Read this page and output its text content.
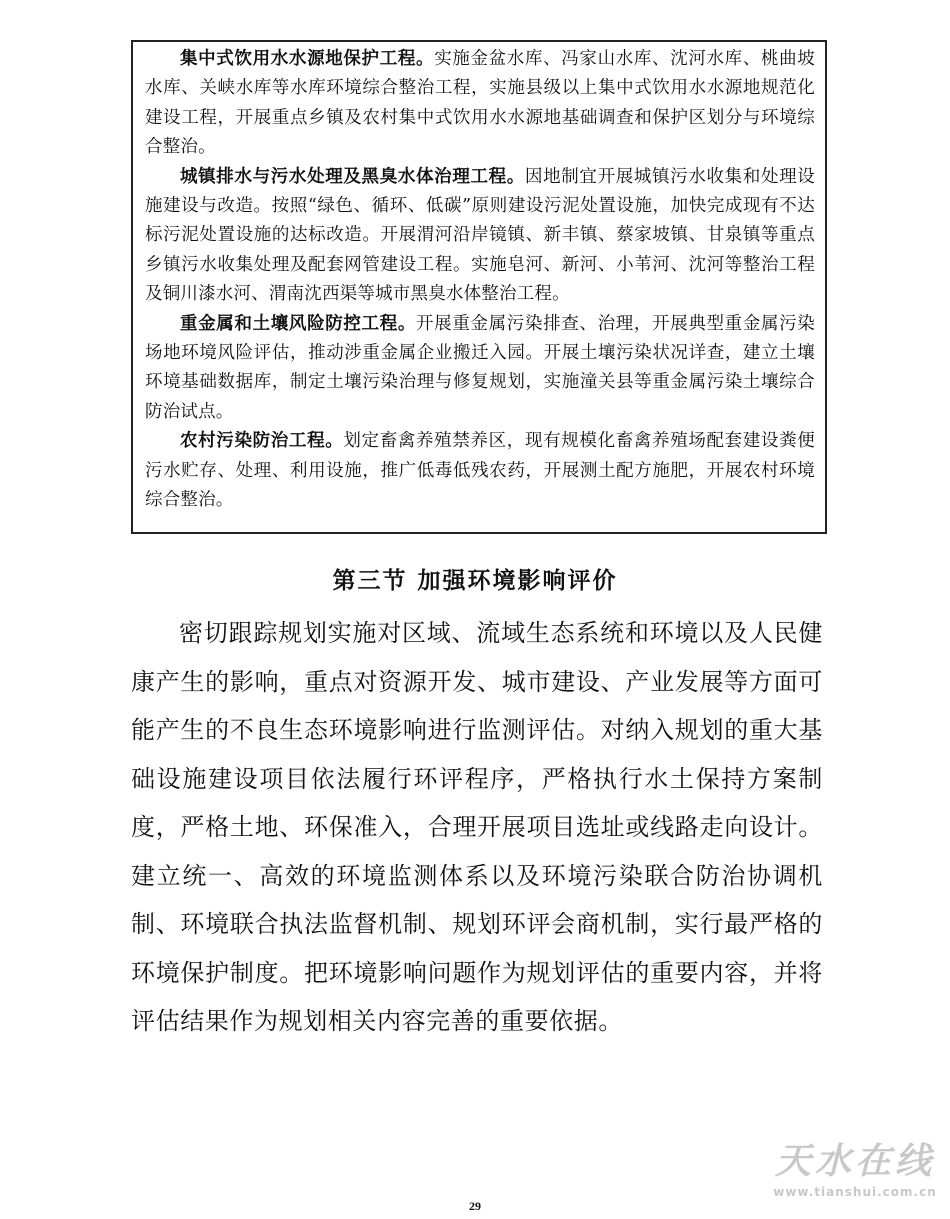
集中式饮用水水源地保护工程。实施金盆水库、冯家山水库、沈河水库、桃曲坡水库、关峡水库等水库环境综合整治工程，实施县级以上集中式饮用水水源地规范化建设工程，开展重点乡镇及农村集中式饮用水水源地基础调查和保护区划分与环境综合整治。

城镇排水与污水处理及黑臭水体治理工程。因地制宜开展城镇污水收集和处理设施建设与改造。按照“绿色、循环、低碳”原则建设污泥处置设施，加快完成现有不达标污泥处置设施的达标改造。开展渭河沿岸镜镇、新丰镇、蔡家坡镇、甘泉镇等重点乡镇污水收集处理及配套网管建设工程。实施皂河、新河、小苇河、沈河等整治工程及铜川漆水河、渭南沈西渠等城市黑臭水体整治工程。

重金属和土壤风险防控工程。开展重金属污染排查、治理，开展典型重金属污染场地环境风险评估，推动涉重金属企业搬迁入园。开展土壤污染状况详查，建立土壤环境基础数据库，制定土壤污染治理与修复规划，实施潼关县等重金属污染土壤综合防治试点。

农村污染防治工程。划定畜禽养殖禁养区，现有规模化畜禽养殖场配套建设粪便污水贮存、处理、利用设施，推广低毒低残农药，开展测土配方施肥，开展农村环境综合整治。

第三节 加强环境影响评价

密切跟踪规划实施对区域、流域生态系统和环境以及人民健康产生的影响，重点对资源开发、城市建设、产业发展等方面可能产生的不良生态环境影响进行监测评估。对纳入规划的重大基础设施建设项目依法履行环评程序，严格执行水土保持方案制度，严格土地、环保准入，合理开展项目选址或线路走向设计。建立统一、高效的环境监测体系以及环境污染联合防治协调机制、环境联合执法监督机制、规划环评会商机制，实行最严格的环境保护制度。把环境影响问题作为规划评估的重要内容，并将评估结果作为规划相关内容完善的重要依据。

29
天水在线
www.tianshui.com.cn
